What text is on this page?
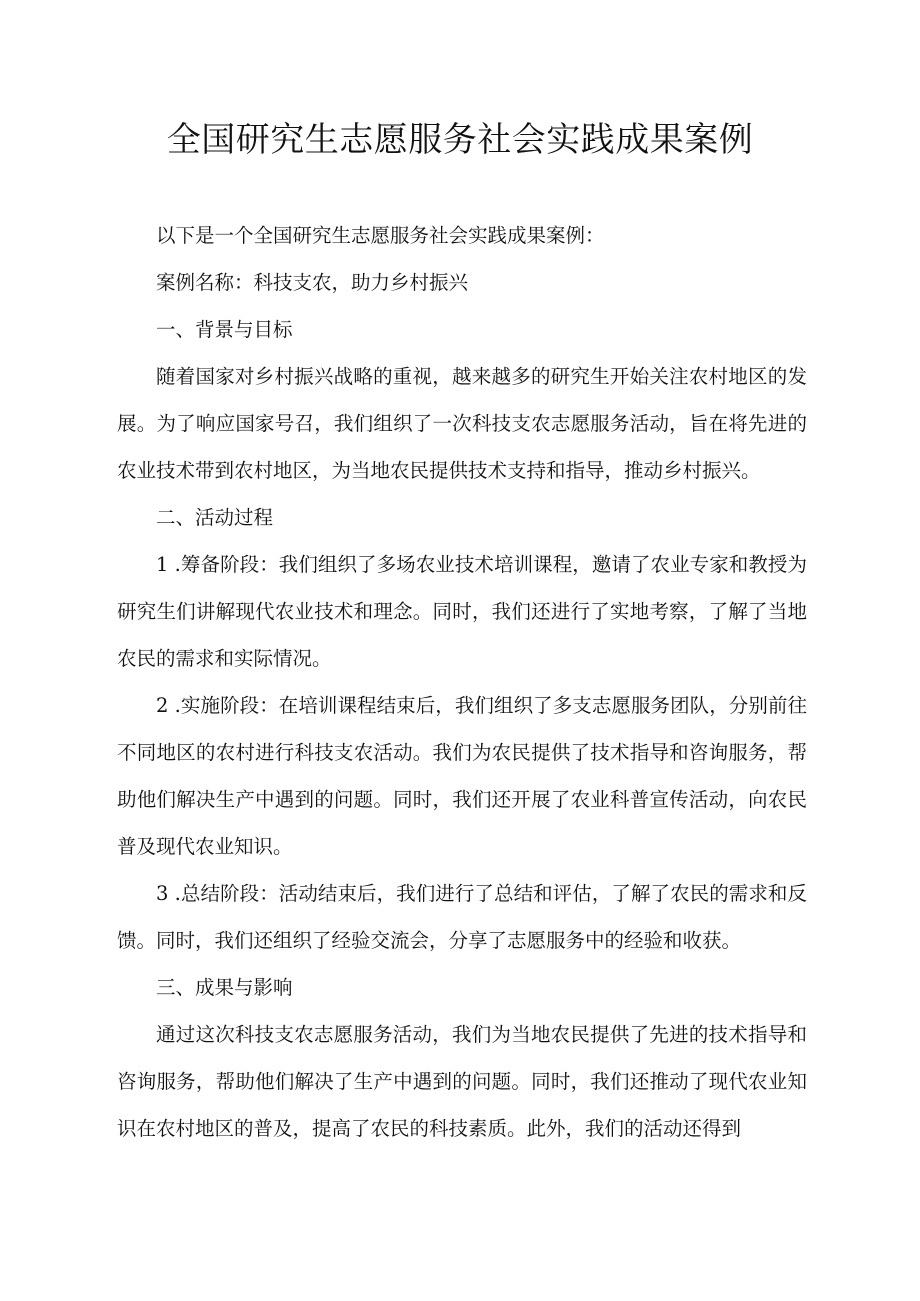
全国研究生志愿服务社会实践成果案例

以下是一个全国研究生志愿服务社会实践成果案例：

案例名称：科技支农，助力乡村振兴

一、背景与目标

随着国家对乡村振兴战略的重视，越来越多的研究生开始关注农村地区的发展。为了响应国家号召，我们组织了一次科技支农志愿服务活动，旨在将先进的农业技术带到农村地区，为当地农民提供技术支持和指导，推动乡村振兴。

二、活动过程

1 .筹备阶段：我们组织了多场农业技术培训课程，邀请了农业专家和教授为研究生们讲解现代农业技术和理念。同时，我们还进行了实地考察，了解了当地农民的需求和实际情况。

2 .实施阶段：在培训课程结束后，我们组织了多支志愿服务团队，分别前往不同地区的农村进行科技支农活动。我们为农民提供了技术指导和咨询服务，帮助他们解决生产中遇到的问题。同时，我们还开展了农业科普宣传活动，向农民普及现代农业知识。

3 .总结阶段：活动结束后，我们进行了总结和评估，了解了农民的需求和反馈。同时，我们还组织了经验交流会，分享了志愿服务中的经验和收获。

三、成果与影响

通过这次科技支农志愿服务活动，我们为当地农民提供了先进的技术指导和咨询服务，帮助他们解决了生产中遇到的问题。同时，我们还推动了现代农业知识在农村地区的普及，提高了农民的科技素质。此外，我们的活动还得到
